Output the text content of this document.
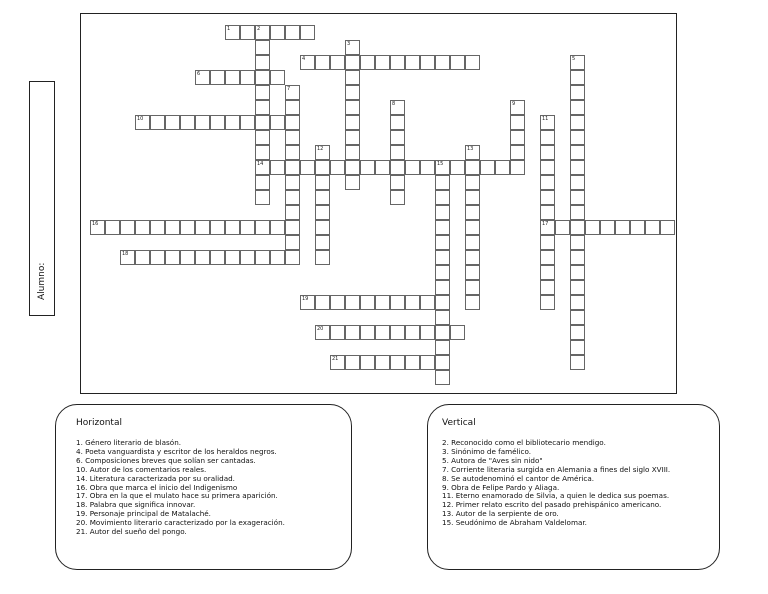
Alumno:
1	2
14
3
4	5
6
7
8	9
10	11
17
12	13
15
16
18
19
20
21
Horizontal
1. Género literario de blasón.
4. Poeta vanguardista y escritor de los heraldos negros.
6. Composiciones breves que solían ser cantadas.
10. Autor de los comentarios reales.
14. Literatura caracterizada por su oralidad.
16. Obra que marca el inicio del Indigenismo
17. Obra en la que el mulato hace su primera aparición.
18. Palabra que significa innovar.
19. Personaje principal de Matalaché.
20. Movimiento literario caracterizado por la exageración.
21. Autor del sueño del pongo.
Vertical
2. Reconocido como el bibliotecario mendigo.
3. Sinónimo de famélico.
5. Autora de "Aves sin nido"
7. Corriente literaria surgida en Alemania a fines del siglo XVIII.
8. Se autodenominó el cantor de América.
9. Obra de Felipe Pardo y Aliaga.
11. Eterno enamorado de Silvia, a quien le dedica sus poemas.
12. Primer relato escrito del pasado prehispánico americano.
13. Autor de la serpiente de oro.
15. Seudónimo de Abraham Valdelomar.
